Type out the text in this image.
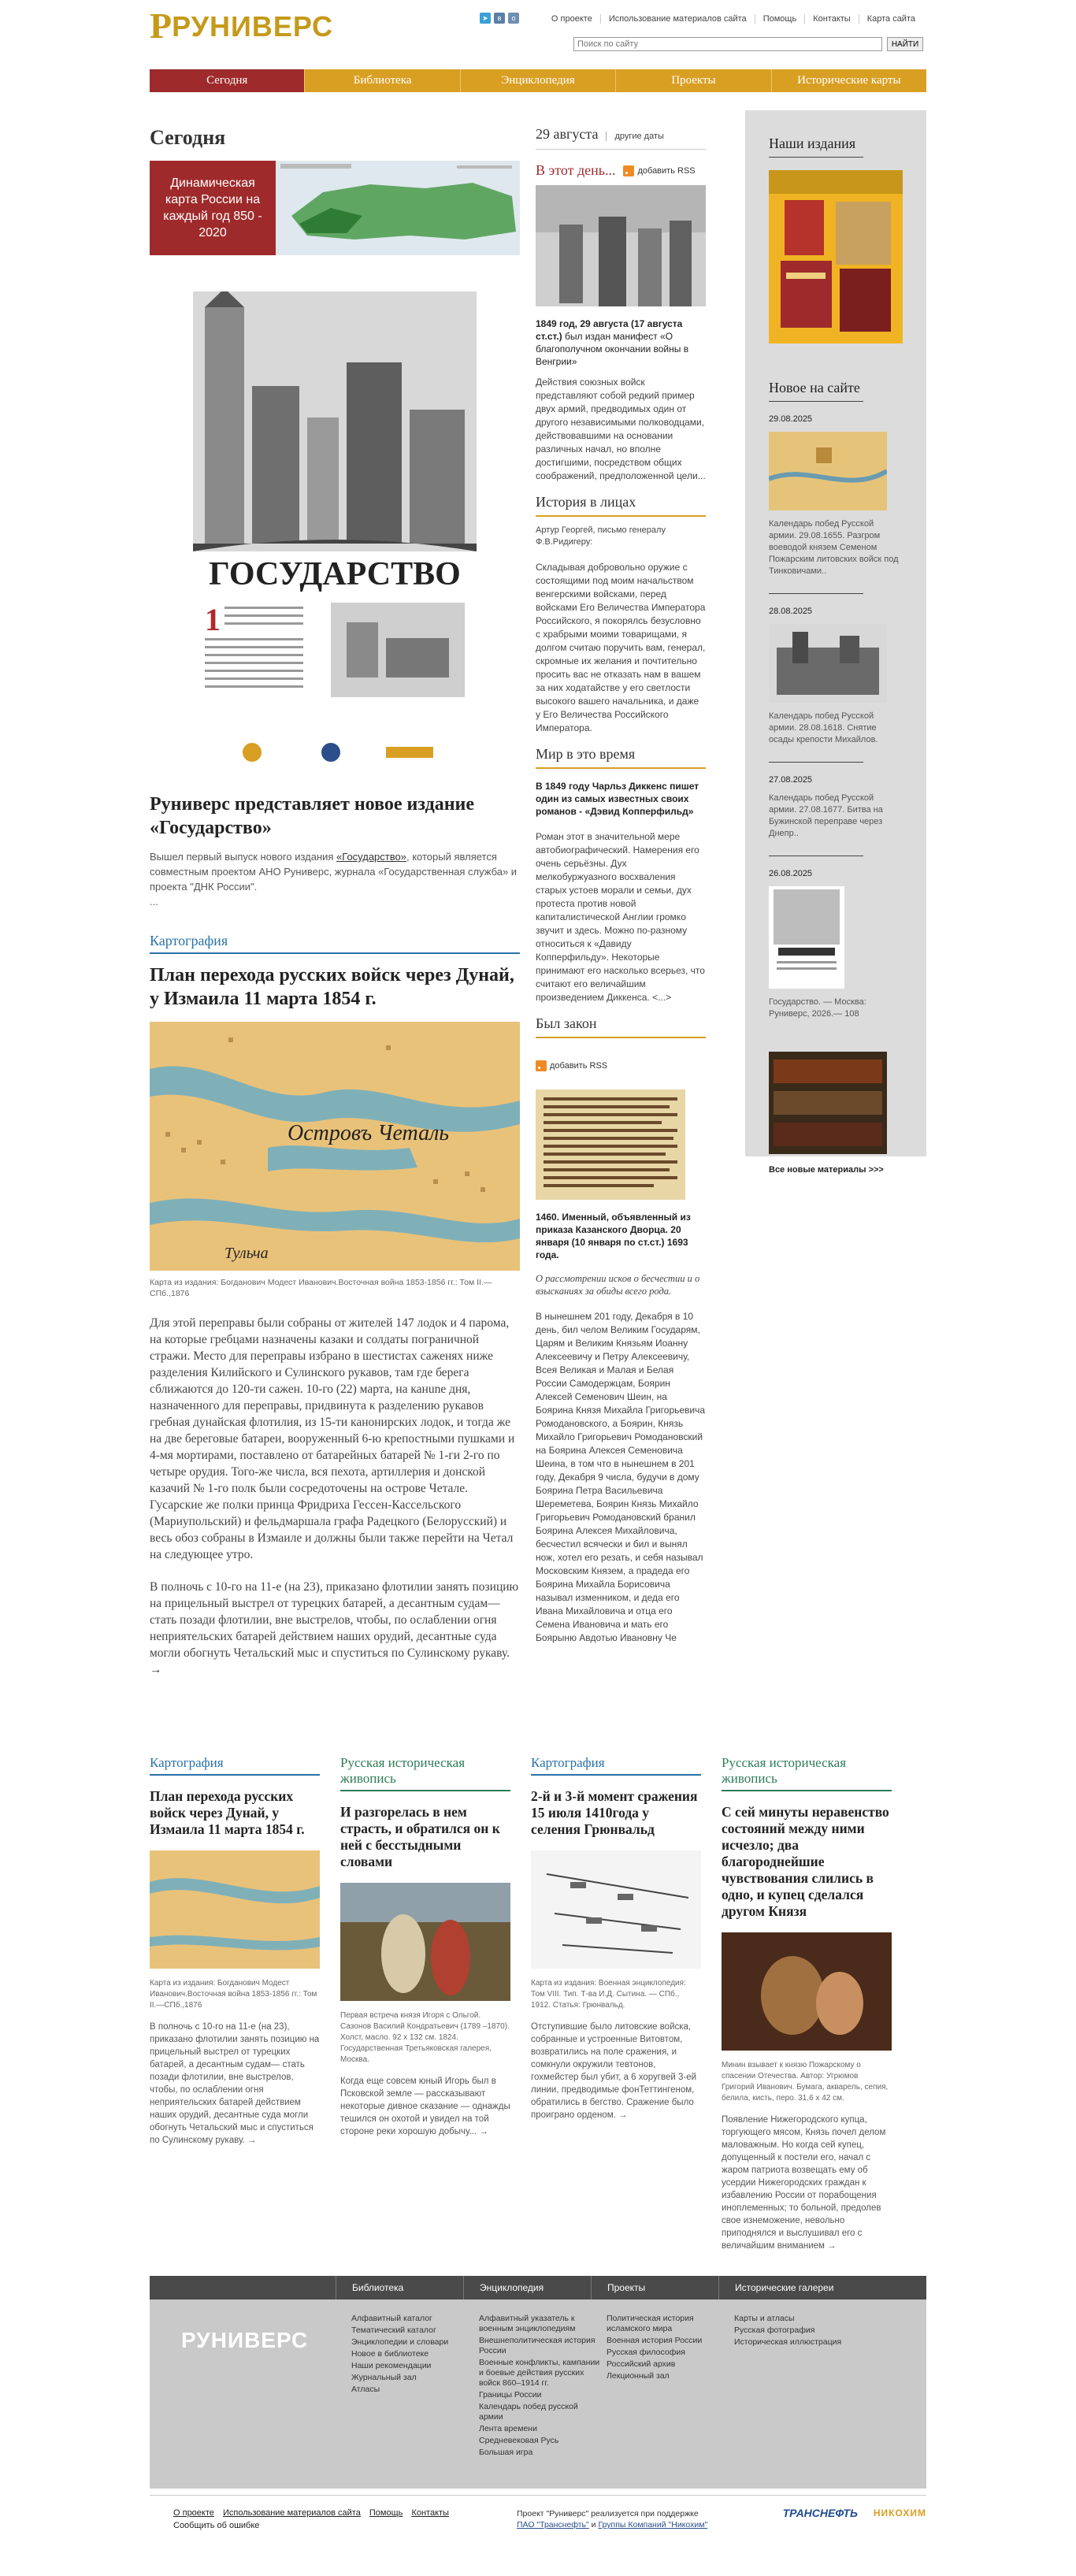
Р РУНИВЕРС	➤	в	о	О проекте	Использование материалов сайта	Помощь	Контакты	Карта сайта
Поиск по сайту
НАЙТИ
Сегодня	Библиотека	Энциклопедия	Проекты	Исторические карты
Сегодня
Динамическая карта России на каждый год 850 - 2020
ГОСУДАРСТВО
1
Руниверс представляет новое издание «Государство»

Вышел первый выпуск нового издания «Государство», который является совместным проектом АНО Руниверс, журнала «Государственная служба» и проекта "ДНК России".
...

Картография
План перехода русских войск через Дунай, у Измаила 11 марта 1854 г.
Островъ Четаль
Тульча

Карта из издания: Богданович Модест Иванович.Восточная война 1853-1856 гг.: Том II.—СПб.,1876

Для этой переправы были собраны от жителей 147 лодок и 4 парома, на которые гребцами назначены казаки и солдаты пограничной стражи. Место для переправы избрано в шестистах саженях ниже разделения Килийского и Сулинского рукавов, там где берега сближаются до 120-ти сажен. 10-го (22) марта, на канune дня, назначенного для переправы, придвинута к разделению рукавов гребная дунайская флотилия, из 15-ти канонирских лодок, и тогда же на две береговые батареи, вооруженный 6-ю крепостными пушками и 4-мя мортирами, поставлено от батарейных батарей № 1-ги 2-го по четыре орудия. Того-же числа, вся пехота, артиллерия и донской казачий № 1-го полк были сосредоточены на острове Четале. Гусарские же полки принца Фридриха Гессен-Кассельского (Мариупольский) и фельдмаршала графа Радецкого (Белорусский) и весь обоз собраны в Измаиле и должны были также перейти на Четал на следующее утро.

В полночь с 10-го на 11-е (на 23), приказано флотилии занять позицию на прицельный выстрел от турецких батарей, а десантным судам— стать позади флотилии, вне выстрелов, чтобы, по ослаблении огня неприятельских батарей действием наших орудий, десантные суда могли обогнуть Четальский мыс и спуститься по Сулинскому рукаву. →

29 августа	другие даты
В этот день...	добавить RSS

1849 год, 29 августа (17 августа ст.ст.) был издан манифест «О благополучном окончании войны в Венгрии»

Действия союзных войск представляют собой редкий пример двух армий, предводимых один от другого независимыми полководцами, действовавшими на основании различных начал, но вполне достигшими, посредством общих соображений, предположенной цели...

История в лицах

Артур Георгей, письмо генералу Ф.В.Ридигеру:

Складывая добровольно оружие с состоящими под моим начальством венгерскими войсками, перед войсками Его Величества Императора Российского, я покорялсь безусловно с храбрыми моими товарищами, я долгом считаю поручить вам, генерал, скромные их желания и почтительно просить вас не отказать нам в вашем за них ходатайстве у его светлости высокого вашего начальника, и даже у Его Величества Российского Императора.

Мир в это время

В 1849 году Чарльз Диккенс пишет один из самых известных своих романов - «Дэвид Копперфильд»

Роман этот в значительной мере автобиографический. Намерения его очень серьёзны. Дух мелкобуржуазного восхваления старых устоев морали и семьи, дух протеста против новой капиталистической Англии громко звучит и здесь. Можно по-разному относиться к «Давиду Копперфильду». Некоторые принимают его насколько всерьез, что считают его величайшим произведением Диккенса. <...>

Был закон
добавить RSS

1460. Именный, объявленный из приказа Казанского Дворца. 20 января (10 января по ст.ст.) 1693 года.

О рассмотрении исков о бесчестии и о взысканиях за обиды всего рода.

В нынешнем 201 году, Декабря в 10 день, бил челом Великим Государям, Царям и Великим Князьям Иоанну Алексеевичу и Петру Алексеевичу, Всея Великая и Малая и Белая России Самодержцам, Боярин Алексей Семенович Шеин, на Боярина Князя Михайла Григорьевича Ромодановского, а Боярин, Князь Михайло Григорьевич Ромодановский на Боярина Алексея Семеновича Шеина, в том что в нынешнем в 201 году, Декабря 9 числа, будучи в дому Боярина Петра Васильевича Шереметева, Боярин Князь Михайло Григорьевич Ромодановский бранил Боярина Алексея Михайловича, бесчестил всячески и бил и вынял нож, хотел его резать, и себя называл Московским Князем, а прадеда его Боярина Михайла Борисовича называл изменником, и деда его Ивана Михайловича и отца его Семена Ивановича и мать его Боярыню Авдотью Ивановну Че

Наши издания
Новое на сайте
29.08.2025

Календарь побед Русской армии. 29.08.1655. Разгром воеводой князем Семеном Пожарским литовских войск под Тинковичами..

28.08.2025

Календарь побед Русской армии. 28.08.1618. Снятие осады крепости Михайлов.

27.08.2025

Календарь побед Русской армии. 27.08.1677. Битва на Бужинской переправе через Днепр..

26.08.2025

Государство. — Москва: Руниверс, 2026.— 108

Все новые материалы >>>
Картография
План перехода русских войск через Дунай, у Измаила 11 марта 1854 г.

Карта из издания: Богданович Модест Иванович.Восточная война 1853-1856 гг.: Том II.—СПб.,1876

В полночь с 10-го на 11-е (на 23), приказано флотилии занять позицию на прицельный выстрел от турецких батарей, а десантным судам— стать позади флотилии, вне выстрелов, чтобы, по ослаблении огня неприятельских батарей действием наших орудий, десантные суда могли обогнуть Четальский мыс и спуститься по Сулинскому рукаву. →

Русская историческая живопись
И разгорелась в нем страсть, и обратился он к ней с бесстыдными словами

Первая встреча князя Игоря с Ольгой. Сазонов Василий Кондратьевич (1789 –1870). Холст, масло. 92 х 132 см. 1824. Государственная Третьяковская галерея, Москва.

Когда еще совсем юный Игорь был в Псковской земле — рассказывают некоторые дивное сказание — однажды тешился он охотой и увидел на той стороне реки хорошую добычу... →

Картография
2-й и 3-й момент сражения 15 июля 1410года у селения Грюнвальд

Карта из издания: Военная энциклопедия: Том VIII. Тип. Т-ва И.Д. Сытина. — СПб., 1912. Статья: Грюнвальд.

Отступившие было литовские войска, собранные и устроенные Витовтом, возвратились на поле сражения, и сомкнули окружили тевтонов, гохмейстер был убит, а 6 хоругвей 3-ей линии, предводимые фонТеттингеном, обратились в бегство. Сражение было проиграно орденом. →

Русская историческая живопись
С сей минуты неравенство состояний между ними исчезло; два благороднейшие чувствования слились в одно, и купец сделался другом Князя

Минин взывает к князю Пожарскому о спасении Отечества. Автор: Угрюмов Григорий Иванович. Бумага, акварель, сепия, белила, кисть, перо. 31,6 х 42 см.

Появление Нижегородского купца, торгующего мясом, Князь почел делом маловажным. Но когда сей купец, допущенный к постели его, начал с жаром патриота возвещать ему об усердии Нижегородских граждан к избавлению России от порабощения иноплеменных; то больной, предолев свое изнеможение, невольно приподнялся и выслушивал его с величайшим вниманием →

Библиотека	Энциклопедия	Проекты	Исторические галереи
РУНИВЕРС
Алфавитный каталог
Тематический каталог
Энциклопедии и словари
Новое в библиотеке
Наши рекомендации
Журнальный зал
Атласы
Алфавитный указатель к военным энциклопедиям
Внешнеполитическая история России
Военные конфликты, кампании и боевые действия русских войск 860–1914 гг.
Границы России
Календарь побед русской армии
Лента времени
Средневековая Русь
Большая игра
Политическая история исламского мира
Военная история России
Русская философия
Российский архив
Лекционный зал
Карты и атласы
Русская фотография
Историческая иллюстрация
О проекте Использование материалов сайта Помощь Контакты
Сообщить об ошибке
Проект "Руниверс" реализуется при поддержке
ПАО "Транснефть" и Группы Компаний "Никохим"
ТРАНСНЕФТЬ НИКОХИМ
